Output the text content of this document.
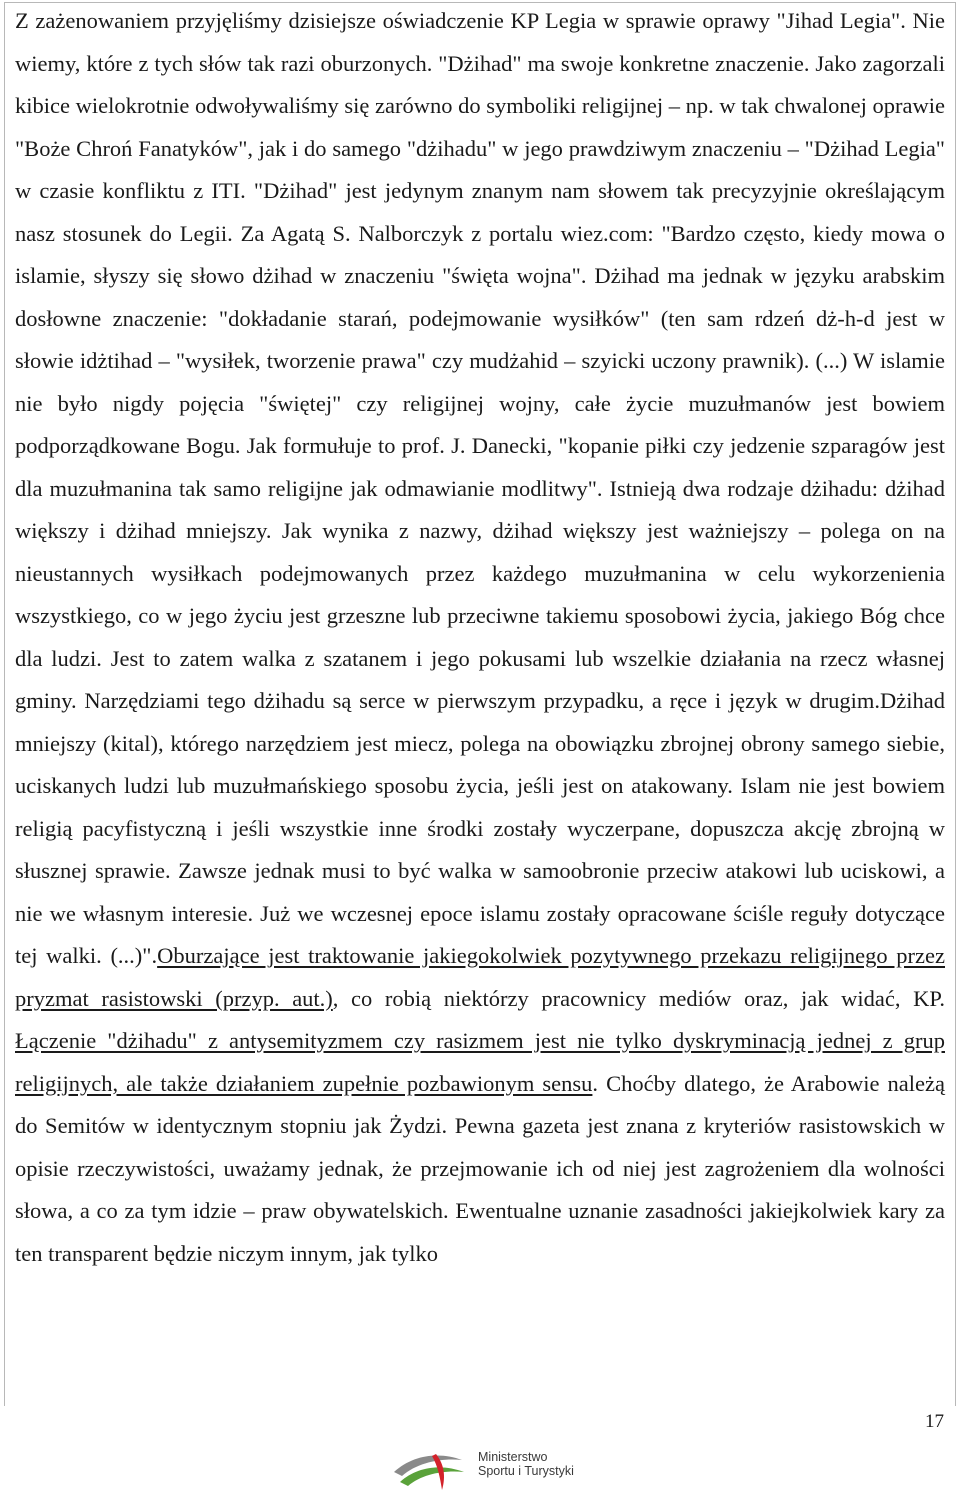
Z zażenowaniem przyjęliśmy dzisiejsze oświadczenie KP Legia w sprawie oprawy "Jihad Legia". Nie wiemy, które z tych słów tak razi oburzonych. "Dżihad" ma swoje konkretne znaczenie. Jako zagorzali kibice wielokrotnie odwoływaliśmy się zarówno do symboliki religijnej – np. w tak chwalonej oprawie "Boże Chroń Fanatyków", jak i do samego "dżihadu" w jego prawdziwym znaczeniu – "Dżihad Legia" w czasie konfliktu z ITI. "Dżihad" jest jedynym znanym nam słowem tak precyzyjnie określającym nasz stosunek do Legii. Za Agatą S. Nalborczyk z portalu wiez.com: "Bardzo często, kiedy mowa o islamie, słyszy się słowo dżihad w znaczeniu "święta wojna". Dżihad ma jednak w języku arabskim dosłowne znaczenie: "dokładanie starań, podejmowanie wysiłków" (ten sam rdzeń dż-h-d jest w słowie idżtihad – "wysiłek, tworzenie prawa" czy mudżahid – szyicki uczony prawnik). (...) W islamie nie było nigdy pojęcia "świętej" czy religijnej wojny, całe życie muzułmanów jest bowiem podporządkowane Bogu. Jak formułuje to prof. J. Danecki, "kopanie piłki czy jedzenie szparagów jest dla muzułmanina tak samo religijne jak odmawianie modlitwy". Istnieją dwa rodzaje dżihadu: dżihad większy i dżihad mniejszy. Jak wynika z nazwy, dżihad większy jest ważniejszy – polega on na nieustannych wysiłkach podejmowanych przez każdego muzułmanina w celu wykorzenienia wszystkiego, co w jego życiu jest grzeszne lub przeciwne takiemu sposobowi życia, jakiego Bóg chce dla ludzi. Jest to zatem walka z szatanem i jego pokusami lub wszelkie działania na rzecz własnej gminy. Narzędziami tego dżihadu są serce w pierwszym przypadku, a ręce i język w drugim.Dżihad mniejszy (kital), którego narzędziem jest miecz, polega na obowiązku zbrojnej obrony samego siebie, uciskanych ludzi lub muzułmańskiego sposobu życia, jeśli jest on atakowany. Islam nie jest bowiem religią pacyfistyczną i jeśli wszystkie inne środki zostały wyczerpane, dopuszcza akcję zbrojną w słusznej sprawie. Zawsze jednak musi to być walka w samoobronie przeciw atakowi lub uciskowi, a nie we własnym interesie. Już we wczesnej epoce islamu zostały opracowane ściśle reguły dotyczące tej walki. (...)".Oburzające jest traktowanie jakiegokolwiek pozytywnego przekazu religijnego przez pryzmat rasistowski (przyp. aut.), co robią niektórzy pracownicy mediów oraz, jak widać, KP. Łączenie "dżihadu" z antysemityzmem czy rasizmem jest nie tylko dyskryminacją jednej z grup religijnych, ale także działaniem zupełnie pozbawionym sensu. Choćby dlatego, że Arabowie należą do Semitów w identycznym stopniu jak Żydzi. Pewna gazeta jest znana z kryteriów rasistowskich w opisie rzeczywistości, uważamy jednak, że przejmowanie ich od niej jest zagrożeniem dla wolności słowa, a co za tym idzie – praw obywatelskich. Ewentualne uznanie zasadności jakiejkolwiek kary za ten transparent będzie niczym innym, jak tylko

17
Ministerstwo
Sportu i Turystyki
